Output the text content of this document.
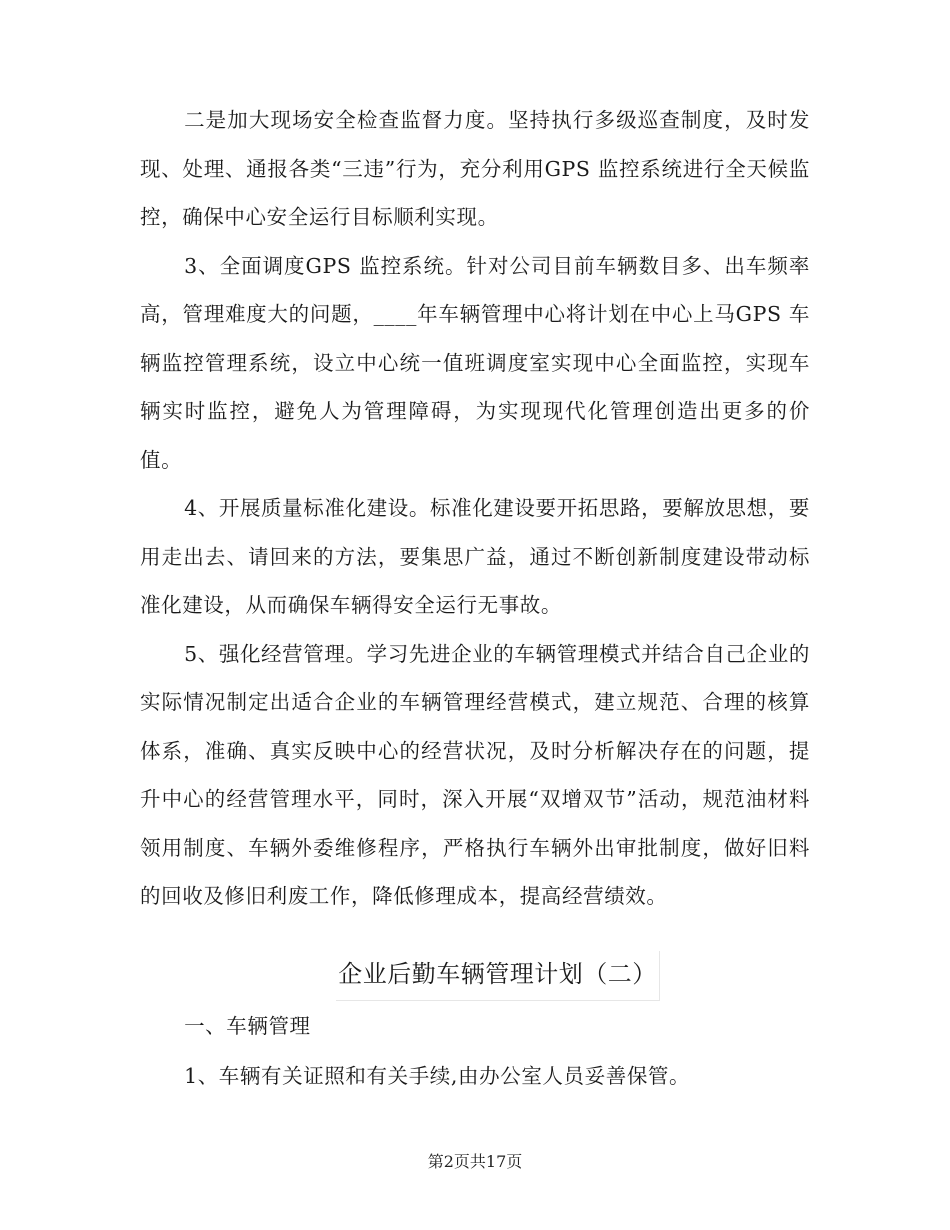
二是加大现场安全检查监督力度。坚持执行多级巡查制度，及时发现、处理、通报各类“三违”行为，充分利用GPS 监控系统进行全天候监控，确保中心安全运行目标顺利实现。

3、全面调度GPS 监控系统。针对公司目前车辆数目多、出车频率高，管理难度大的问题，____年车辆管理中心将计划在中心上马GPS 车辆监控管理系统，设立中心统一值班调度室实现中心全面监控，实现车辆实时监控，避免人为管理障碍，为实现现代化管理创造出更多的价值。

4、开展质量标准化建设。标准化建设要开拓思路，要解放思想，要用走出去、请回来的方法，要集思广益，通过不断创新制度建设带动标准化建设，从而确保车辆得安全运行无事故。

5、强化经营管理。学习先进企业的车辆管理模式并结合自己企业的实际情况制定出适合企业的车辆管理经营模式，建立规范、合理的核算体系，准确、真实反映中心的经营状况，及时分析解决存在的问题，提升中心的经营管理水平，同时，深入开展“双增双节”活动，规范油材料领用制度、车辆外委维修程序，严格执行车辆外出审批制度，做好旧料的回收及修旧利废工作，降低修理成本，提高经营绩效。

企业后勤车辆管理计划（二）

一、车辆管理

1、车辆有关证照和有关手续,由办公室人员妥善保管。

第2页共17页
